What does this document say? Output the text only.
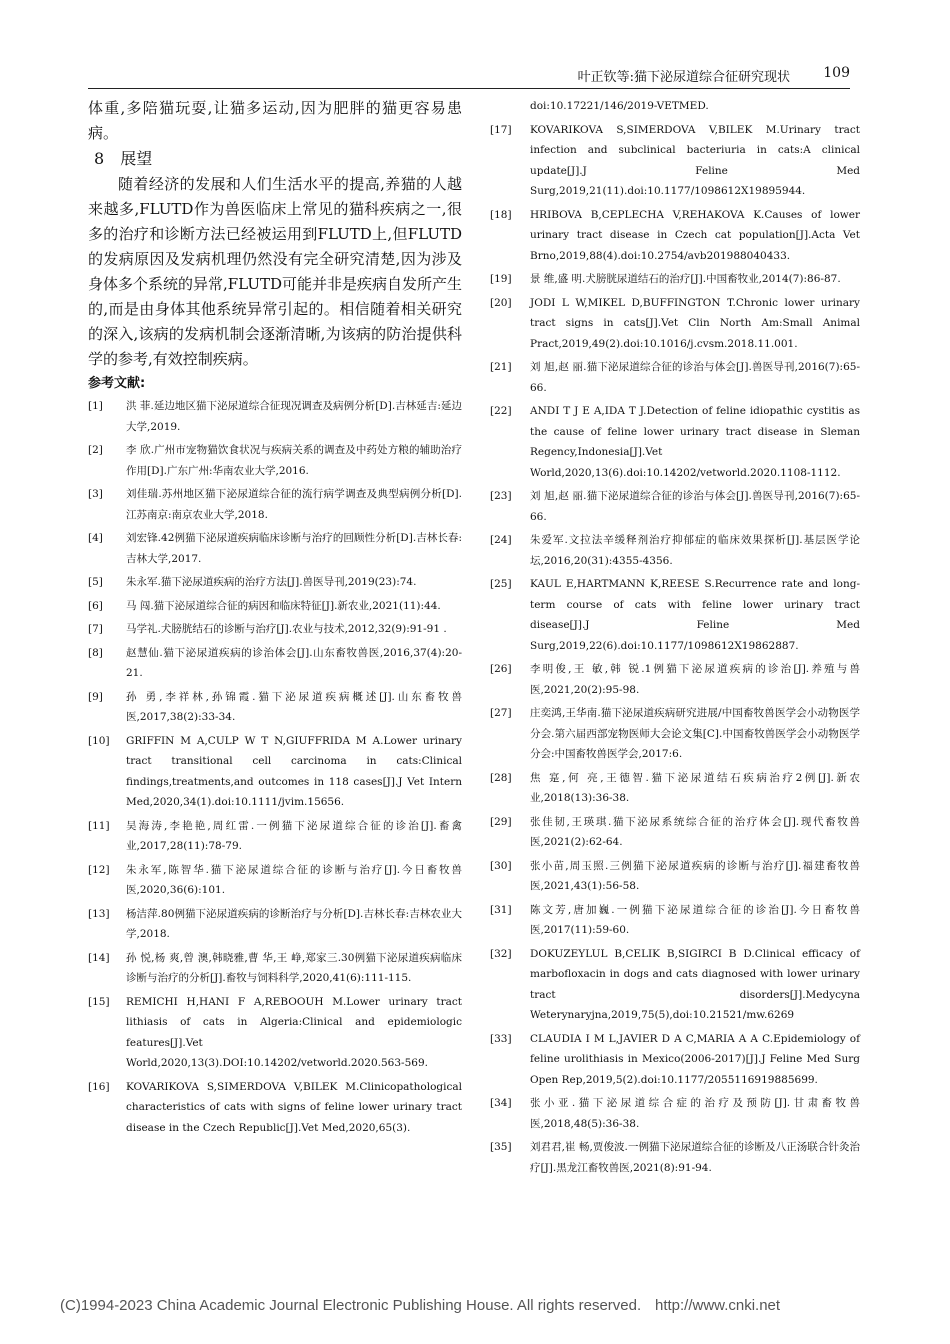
叶正钦等:猫下泌尿道综合征研究现状 109

体重,多陪猫玩耍,让猫多运动,因为肥胖的猫更容易患病。

8 展望

随着经济的发展和人们生活水平的提高,养猫的人越来越多,FLUTD作为兽医临床上常见的猫科疾病之一,很多的治疗和诊断方法已经被运用到FLUTD上,但FLUTD的发病原因及发病机理仍然没有完全研究清楚,因为涉及身体多个系统的异常,FLUTD可能并非是疾病自发所产生的,而是由身体其他系统异常引起的。相信随着相关研究的深入,该病的发病机制会逐渐清晰,为该病的防治提供科学的参考,有效控制疾病。

参考文献:

[1] 洪 菲.延边地区猫下泌尿道综合征现况调查及病例分析[D].吉林延吉:延边大学,2019.

[2] 李 欣.广州市宠物猫饮食状况与疾病关系的调查及中药处方粮的辅助治疗作用[D].广东广州:华南农业大学,2016.

[3] 刘佳瑞.苏州地区猫下泌尿道综合征的流行病学调查及典型病例分析[D].江苏南京:南京农业大学,2018.

[4] 刘宏锋.42例猫下泌尿道疾病临床诊断与治疗的回顾性分析[D].吉林长春:吉林大学,2017.

[5] 朱永军.猫下泌尿道疾病的治疗方法[J].兽医导刊,2019(23):74.

[6] 马 闯.猫下泌尿道综合征的病因和临床特征[J].新农业,2021(11):44.

[7] 马学礼.犬膀胱结石的诊断与治疗[J].农业与技术,2012,32(9):91-91 .

[8] 赵慧仙.猫下泌尿道疾病的诊治体会[J].山东畜牧兽医,2016,37(4):20-21.

[9] 孙 勇,李祥林,孙锦霞.猫下泌尿道疾病概述[J].山东畜牧兽医,2017,38(2):33-34.

[10] GRIFFIN M A,CULP W T N,GIUFFRIDA M A.Lower urinary tract transitional cell carcinoma in cats:Clinical findings,treatments,and outcomes in 118 cases[J].J Vet Intern Med,2020,34(1).doi:10.1111/jvim.15656.

[11] 吴海涛,李艳艳,周红雷.一例猫下泌尿道综合征的诊治[J].畜禽业,2017,28(11):78-79.

[12] 朱永军,陈智华.猫下泌尿道综合征的诊断与治疗[J].今日畜牧兽医,2020,36(6):101.

[13] 杨洁萍.80例猫下泌尿道疾病的诊断治疗与分析[D].吉林长春:吉林农业大学,2018.

[14] 孙 悦,杨 爽,曾 澳,韩晓雅,曹 华,王 峥,郑家三.30例猫下泌尿道疾病临床诊断与治疗的分析[J].畜牧与饲料科学,2020,41(6):111-115.

[15] REMICHI H,HANI F A,REBOOUH M.Lower urinary tract lithiasis of cats in Algeria:Clinical and epidemiologic features[J].Vet World,2020,13(3).DOI:10.14202/vetworld.2020.563-569.

[16] KOVARIKOVA S,SIMERDOVA V,BILEK M.Clinicopathological characteristics of cats with signs of feline lower urinary tract disease in the Czech Republic[J].Vet Med,2020,65(3).

doi:10.17221/146/2019-VETMED.

[17] KOVARIKOVA S,SIMERDOVA V,BILEK M.Urinary tract infection and subclinical bacteriuria in cats:A clinical update[J].J Feline Med Surg,2019,21(11).doi:10.1177/1098612X19895944.

[18] HRIBOVA B,CEPLECHA V,REHAKOVA K.Causes of lower urinary tract disease in Czech cat population[J].Acta Vet Brno,2019,88(4).doi:10.2754/avb201988040433.

[19] 景 维,盛 明.犬膀胱尿道结石的治疗[J].中国畜牧业,2014(7):86-87.

[20] JODI L W,MIKEL D,BUFFINGTON T.Chronic lower urinary tract signs in cats[J].Vet Clin North Am:Small Animal Pract,2019,49(2).doi:10.1016/j.cvsm.2018.11.001.

[21] 刘 旭,赵 丽.猫下泌尿道综合征的诊治与体会[J].兽医导刊,2016(7):65-66.

[22] ANDI T J E A,IDA T J.Detection of feline idiopathic cystitis as the cause of feline lower urinary tract disease in Sleman Regency,Indonesia[J].Vet World,2020,13(6).doi:10.14202/vetworld.2020.1108-1112.

[23] 刘 旭,赵 丽.猫下泌尿道综合征的诊治与体会[J].兽医导刊,2016(7):65-66.

[24] 朱爱军.文拉法辛缓释剂治疗抑郁症的临床效果探析[J].基层医学论坛,2016,20(31):4355-4356.

[25] KAUL E,HARTMANN K,REESE S.Recurrence rate and long-term course of cats with feline lower urinary tract disease[J].J Feline Med Surg,2019,22(6).doi:10.1177/1098612X19862887.

[26] 李明俊,王 敏,韩 锐.1例猫下泌尿道疾病的诊治[J].养殖与兽医,2021,20(2):95-98.

[27] 庄奕鸿,王华南.猫下泌尿道疾病研究进展/中国畜牧兽医学会小动物医学分会.第六届西部宠物医师大会论文集[C].中国畜牧兽医学会小动物医学分会:中国畜牧兽医学会,2017:6.

[28] 焦 寔,何 亮,王德智.猫下泌尿道结石疾病治疗2例[J].新农业,2018(13):36-38.

[29] 张佳韧,王瑛琪.猫下泌尿系统综合征的治疗体会[J].现代畜牧兽医,2021(2):62-64.

[30] 张小苗,周玉照.三例猫下泌尿道疾病的诊断与治疗[J].福建畜牧兽医,2021,43(1):56-58.

[31] 陈文芳,唐加巍.一例猫下泌尿道综合征的诊治[J].今日畜牧兽医,2017(11):59-60.

[32] DOKUZEYLUL B,CELIK B,SIGIRCI B D.Clinical efficacy of marbofloxacin in dogs and cats diagnosed with lower urinary tract disorders[J].Medycyna Weterynaryjna,2019,75(5),doi:10.21521/mw.6269

[33] CLAUDIA I M L,JAVIER D A C,MARIA A A C.Epidemiology of feline urolithiasis in Mexico(2006-2017)[J].J Feline Med Surg Open Rep,2019,5(2).doi:10.1177/2055116919885699.

[34] 张小亚.猫下泌尿道综合症的治疗及预防[J].甘肃畜牧兽医,2018,48(5):36-38.

[35] 刘君君,崔 畅,贾俊波.一例猫下泌尿道综合征的诊断及八正汤联合针灸治疗[J].黑龙江畜牧兽医,2021(8):91-94.

(C)1994-2023 China Academic Journal Electronic Publishing House. All rights reserved. http://www.cnki.net
